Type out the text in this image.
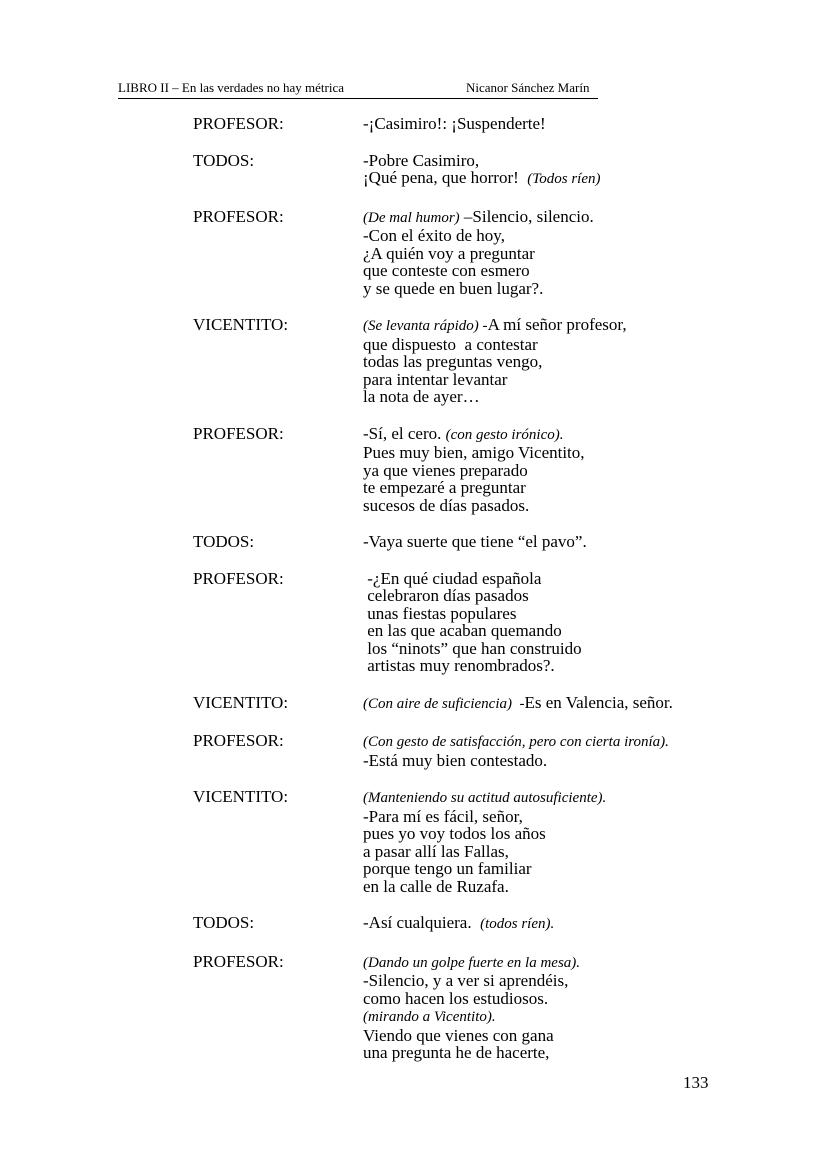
LIBRO II – En las verdades no hay métrica	Nicanor Sánchez Marín
PROFESOR:	-¡Casimiro!: ¡Suspenderte!
TODOS:	-Pobre Casimiro,
¡Qué pena, que horror!  (Todos ríen)
PROFESOR:	(De mal humor) –Silencio, silencio.
-Con el éxito de hoy,
¿A quién voy a preguntar
que conteste con esmero
y se quede en buen lugar?.
VICENTITO:	(Se levanta rápido) -A mí señor profesor,
que dispuesto  a contestar
todas las preguntas vengo,
para intentar levantar
la nota de ayer…
PROFESOR:	-Sí, el cero. (con gesto irónico).
Pues muy bien, amigo Vicentito,
ya que vienes preparado
te empezaré a preguntar
sucesos de días pasados.
TODOS:	-Vaya suerte que tiene “el pavo”.
PROFESOR:	-¿En qué ciudad española
celebraron días pasados
unas fiestas populares
en las que acaban quemando
los “ninots” que han construido
artistas muy renombrados?.
VICENTITO:	(Con aire de suficiencia)  -Es en Valencia, señor.
PROFESOR:	(Con gesto de satisfacción, pero con cierta ironía).
-Está muy bien contestado.
VICENTITO:	(Manteniendo su actitud autosuficiente).
-Para mí es fácil, señor,
pues yo voy todos los años
a pasar allí las Fallas,
porque tengo un familiar
en la calle de Ruzafa.
TODOS:	-Así cualquiera.  (todos ríen).
PROFESOR:	(Dando un golpe fuerte en la mesa).
-Silencio, y a ver si aprendéis,
como hacen los estudiosos.
(mirando a Vicentito).
Viendo que vienes con gana
una pregunta he de hacerte,
133
